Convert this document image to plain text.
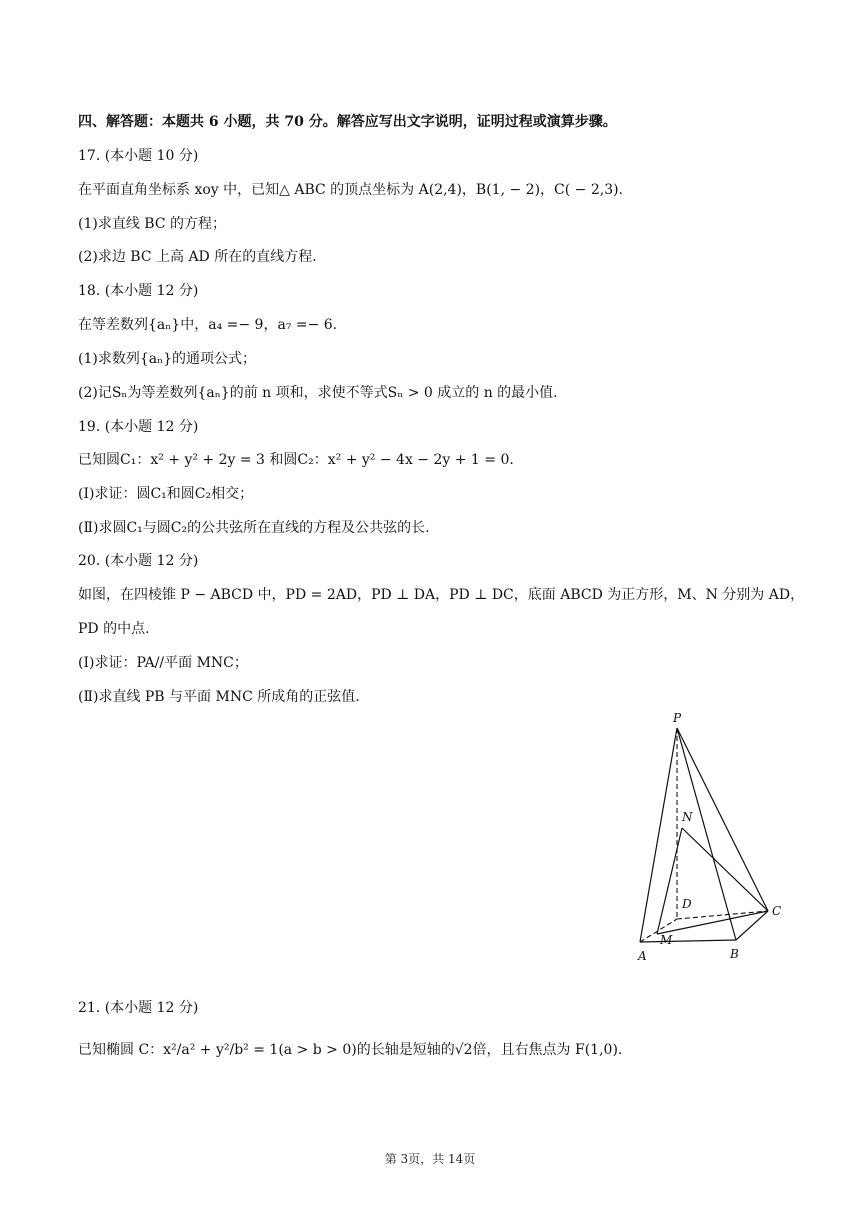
四、解答题：本题共 6 小题，共 70 分。解答应写出文字说明，证明过程或演算步骤。
17. (本小题 10 分)
在平面直角坐标系 xoy 中，已知△ ABC 的顶点坐标为 A(2,4)，B(1, − 2)，C( − 2,3).
(1)求直线 BC 的方程；
(2)求边 BC 上高 AD 所在的直线方程.
18. (本小题 12 分)
在等差数列{aₙ}中，a₄ =− 9，a₇ =− 6.
(1)求数列{aₙ}的通项公式；
(2)记Sₙ为等差数列{aₙ}的前 n 项和，求使不等式Sₙ > 0 成立的 n 的最小值.
19. (本小题 12 分)
已知圆C₁：x² + y² + 2y = 3 和圆C₂：x² + y² − 4x − 2y + 1 = 0.
(Ⅰ)求证：圆C₁和圆C₂相交；
(Ⅱ)求圆C₁与圆C₂的公共弦所在直线的方程及公共弦的长.
20. (本小题 12 分)
如图，在四棱锥 P − ABCD 中，PD = 2AD，PD ⊥ DA，PD ⊥ DC，底面 ABCD 为正方形，M、N 分别为 AD，
PD 的中点.
(Ⅰ)求证：PA//平面 MNC；
(Ⅱ)求直线 PB 与平面 MNC 所成角的正弦值.
P
N
D	C
M
A	B
21. (本小题 12 分)
已知椭圆 C：x²/a² + y²/b² = 1(a > b > 0)的长轴是短轴的√2倍，且右焦点为 F(1,0).
第 3页，共 14页
